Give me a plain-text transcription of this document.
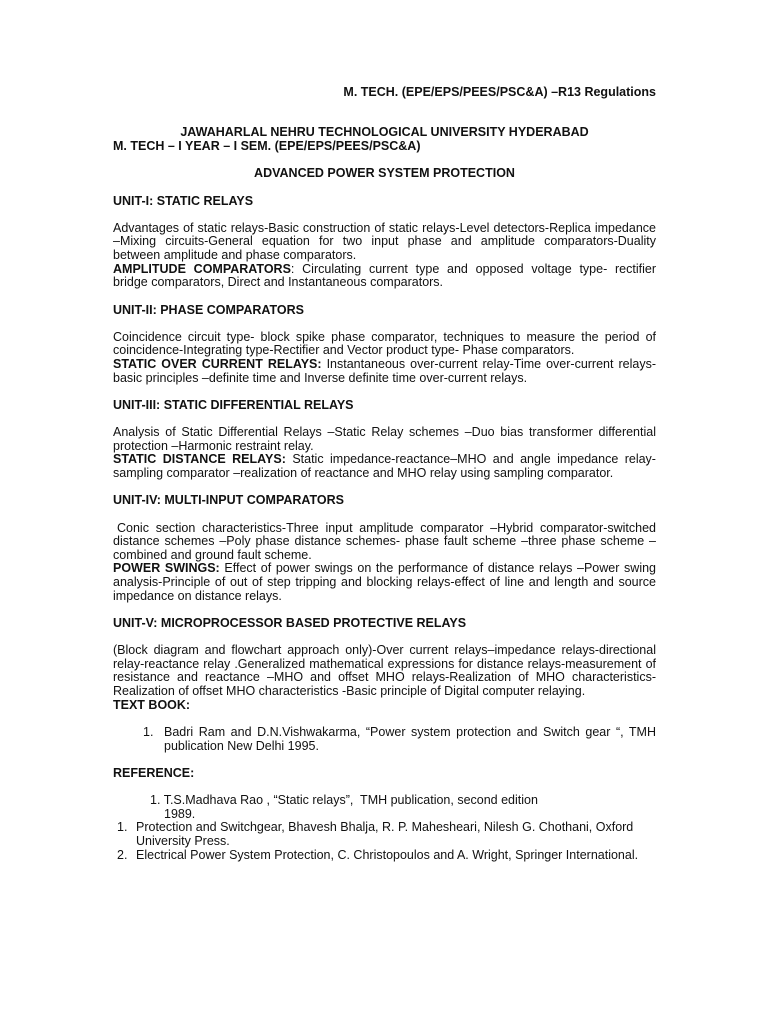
M. TECH. (EPE/EPS/PEES/PSC&A) –R13 Regulations
JAWAHARLAL NEHRU TECHNOLOGICAL UNIVERSITY HYDERABAD
M. TECH – I YEAR – I SEM. (EPE/EPS/PEES/PSC&A)
ADVANCED POWER SYSTEM PROTECTION
UNIT-I: STATIC RELAYS
Advantages of static relays-Basic construction of static relays-Level detectors-Replica impedance
–Mixing circuits-General equation for two input phase and amplitude comparators-Duality
between amplitude and phase comparators.
AMPLITUDE COMPARATORS: Circulating current type and opposed voltage type- rectifier
bridge comparators, Direct and Instantaneous comparators.
UNIT-II: PHASE COMPARATORS
Coincidence circuit type- block spike phase comparator, techniques to measure the period of
coincidence-Integrating type-Rectifier and Vector product type- Phase comparators.
STATIC OVER CURRENT RELAYS: Instantaneous over-current relay-Time over-current relays-
basic principles –definite time and Inverse definite time over-current relays.
UNIT-III: STATIC DIFFERENTIAL RELAYS
Analysis of Static Differential Relays –Static Relay schemes –Duo bias transformer differential
protection –Harmonic restraint relay.
STATIC DISTANCE RELAYS: Static impedance-reactance–MHO and angle impedance relay-
sampling comparator –realization of reactance and MHO relay using sampling comparator.
UNIT-IV: MULTI-INPUT COMPARATORS
Conic section characteristics-Three input amplitude comparator –Hybrid comparator-switched
distance schemes –Poly phase distance schemes- phase fault scheme –three phase scheme –
combined and ground fault scheme.
POWER SWINGS: Effect of power swings on the performance of distance relays –Power swing
analysis-Principle of out of step tripping and blocking relays-effect of line and length and source
impedance on distance relays.
UNIT-V: MICROPROCESSOR BASED PROTECTIVE RELAYS
(Block diagram and flowchart approach only)-Over current relays–impedance relays-directional
relay-reactance relay .Generalized mathematical expressions for distance relays-measurement of
resistance and reactance –MHO and offset MHO relays-Realization of MHO characteristics-
Realization of offset MHO characteristics -Basic principle of Digital computer relaying.
TEXT BOOK:
1. Badri Ram and D.N.Vishwakarma, “Power system protection and Switch gear “, TMH
publication New Delhi 1995.
REFERENCE:
1. T.S.Madhava Rao , “Static relays”,  TMH publication, second edition
1989.
1. Protection and Switchgear, Bhavesh Bhalja, R. P. Mahesheari, Nilesh G. Chothani, Oxford
University Press.
2. Electrical Power System Protection, C. Christopoulos and A. Wright, Springer International.
